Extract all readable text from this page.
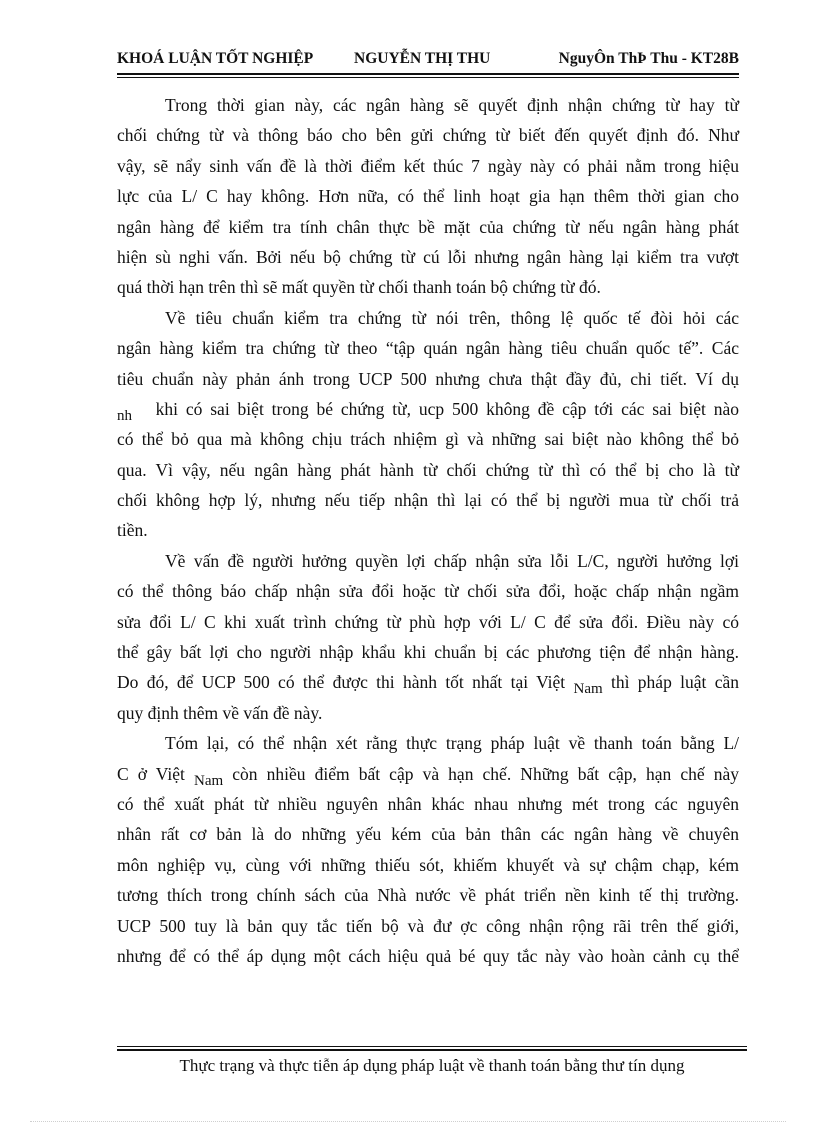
KHOÁ LUẬN TỐT NGHIỆP	NGUYỄN THỊ THU	NguyÔn ThÞ Thu - KT28B
Trong thời gian này, các ngân hàng sẽ quyết định nhận chứng từ hay từ
chối chứng từ và thông báo cho bên gửi chứng từ biết đến quyết định đó. Như
vậy, sẽ nẩy sinh vấn đề là thời điểm kết thúc 7 ngày này có phải nằm trong hiệu
lực của L/ C hay không. Hơn nữa, có thể linh hoạt gia hạn thêm thời gian cho
ngân hàng để kiểm tra tính chân thực bề mặt của chứng từ nếu ngân hàng phát
hiện sù nghi vấn. Bởi nếu bộ chứng từ cú lỗi nhưng ngân hàng lại kiểm tra vượt
quá thời hạn trên thì sẽ mất quyền từ chối thanh toán bộ chứng từ đó.
Về tiêu chuẩn kiểm tra chứng từ nói trên, thông lệ quốc tế đòi hỏi các
ngân hàng kiểm tra chứng từ theo “tập quán ngân hàng tiêu chuẩn quốc tế”. Các
tiêu chuẩn này phản ánh trong UCP 500 nhưng chưa thật đầy đủ, chi tiết. Ví dụ
nh khi có sai biệt trong bé chứng từ, ucp 500 không đề cập tới các sai biệt nào
có thể bỏ qua mà không chịu trách nhiệm gì và những sai biệt nào không thể bỏ
qua. Vì vậy, nếu ngân hàng phát hành từ chối chứng từ thì có thể bị cho là từ
chối không hợp lý, nhưng nếu tiếp nhận thì lại có thể bị người mua từ chối trả
tiền.
Về vấn đề người hưởng quyền lợi chấp nhận sửa lỗi L/C, người hưởng lợi
có thể thông báo chấp nhận sửa đổi hoặc từ chối sửa đổi, hoặc chấp nhận ngầm
sửa đổi L/ C khi xuất trình chứng từ phù hợp với L/ C để sửa đổi. Điều này có
thể gây bất lợi cho người nhập khẩu khi chuẩn bị các phương tiện để nhận hàng.
Do đó, để UCP 500 có thể được thi hành tốt nhất tại Việt Nam thì pháp luật cần
quy định thêm về vấn đề này.
Tóm lại, có thể nhận xét rằng thực trạng pháp luật về thanh toán bằng L/
C ở Việt Nam còn nhiều điểm bất cập và hạn chế. Những bất cập, hạn chế này
có thể xuất phát từ nhiều nguyên nhân khác nhau nhưng mét trong các nguyên
nhân rất cơ bản là do những yếu kém của bản thân các ngân hàng về chuyên
môn nghiệp vụ, cùng với những thiếu sót, khiếm khuyết và sự chậm chạp, kém
tương thích trong chính sách của Nhà nước về phát triển nền kinh tế thị trường.
UCP 500 tuy là bản quy tắc tiến bộ và đư ợc công nhận rộng rãi trên thế giới,
nhưng để có thể áp dụng một cách hiệu quả bé quy tắc này vào hoàn cảnh cụ thể
Thực trạng và thực tiễn áp dụng pháp luật về thanh toán bằng thư tín dụng
